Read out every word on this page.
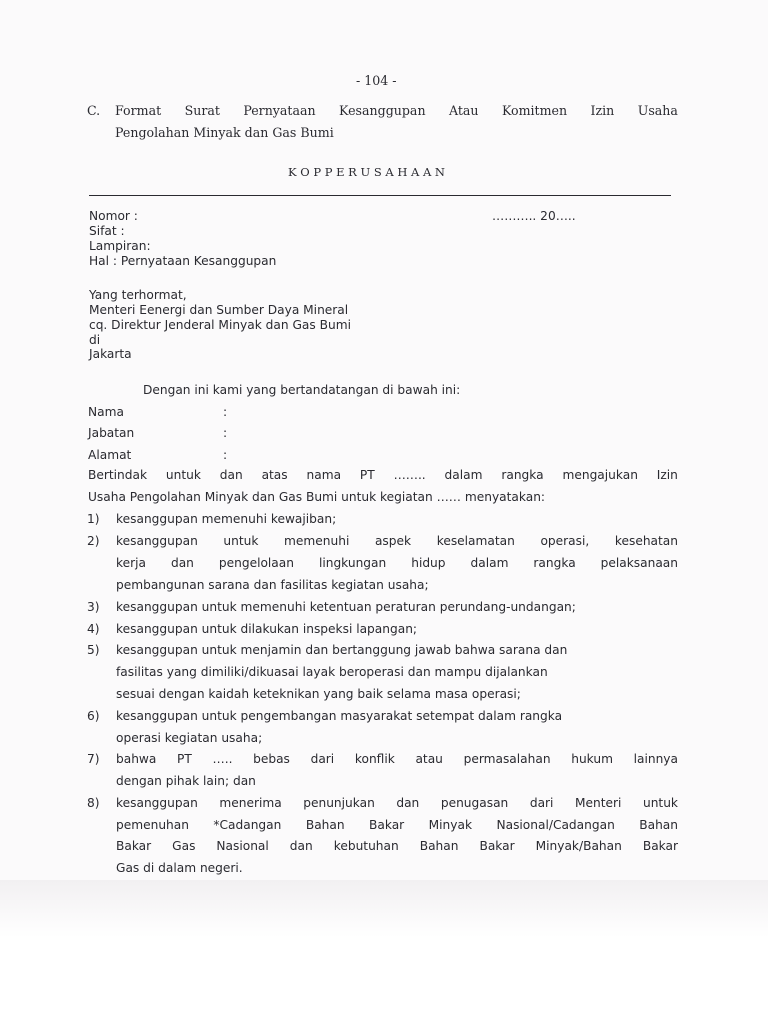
- 104 -
C. Format Surat Pernyataan Kesanggupan Atau Komitmen Izin Usaha
Pengolahan Minyak dan Gas Bumi
K O P P E R U S A H A A N
Nomor :	……….. 20…..
Sifat :
Lampiran:
Hal : Pernyataan Kesanggupan
Yang terhormat,
Menteri Eenergi dan Sumber Daya Mineral
cq. Direktur Jenderal Minyak dan Gas Bumi
di
Jakarta
Dengan ini kami yang bertandatangan di bawah ini:
Nama	:
Jabatan	:
Alamat	:
Bertindak untuk dan atas nama PT …….. dalam rangka mengajukan Izin
Usaha Pengolahan Minyak dan Gas Bumi untuk kegiatan …… menyatakan:
1) kesanggupan memenuhi kewajiban;
2) kesanggupan untuk memenuhi aspek keselamatan operasi, kesehatan
kerja dan pengelolaan lingkungan hidup dalam rangka pelaksanaan
pembangunan sarana dan fasilitas kegiatan usaha;
3) kesanggupan untuk memenuhi ketentuan peraturan perundang-undangan;
4) kesanggupan untuk dilakukan inspeksi lapangan;
5) kesanggupan untuk menjamin dan bertanggung jawab bahwa sarana dan
fasilitas yang dimiliki/dikuasai layak beroperasi dan mampu dijalankan
sesuai dengan kaidah keteknikan yang baik selama masa operasi;
6) kesanggupan untuk pengembangan masyarakat setempat dalam rangka
operasi kegiatan usaha;
7) bahwa PT ….. bebas dari konflik atau permasalahan hukum lainnya
dengan pihak lain; dan
8) kesanggupan menerima penunjukan dan penugasan dari Menteri untuk
pemenuhan *Cadangan Bahan Bakar Minyak Nasional/Cadangan Bahan
Bakar Gas Nasional dan kebutuhan Bahan Bakar Minyak/Bahan Bakar
Gas di dalam negeri.
